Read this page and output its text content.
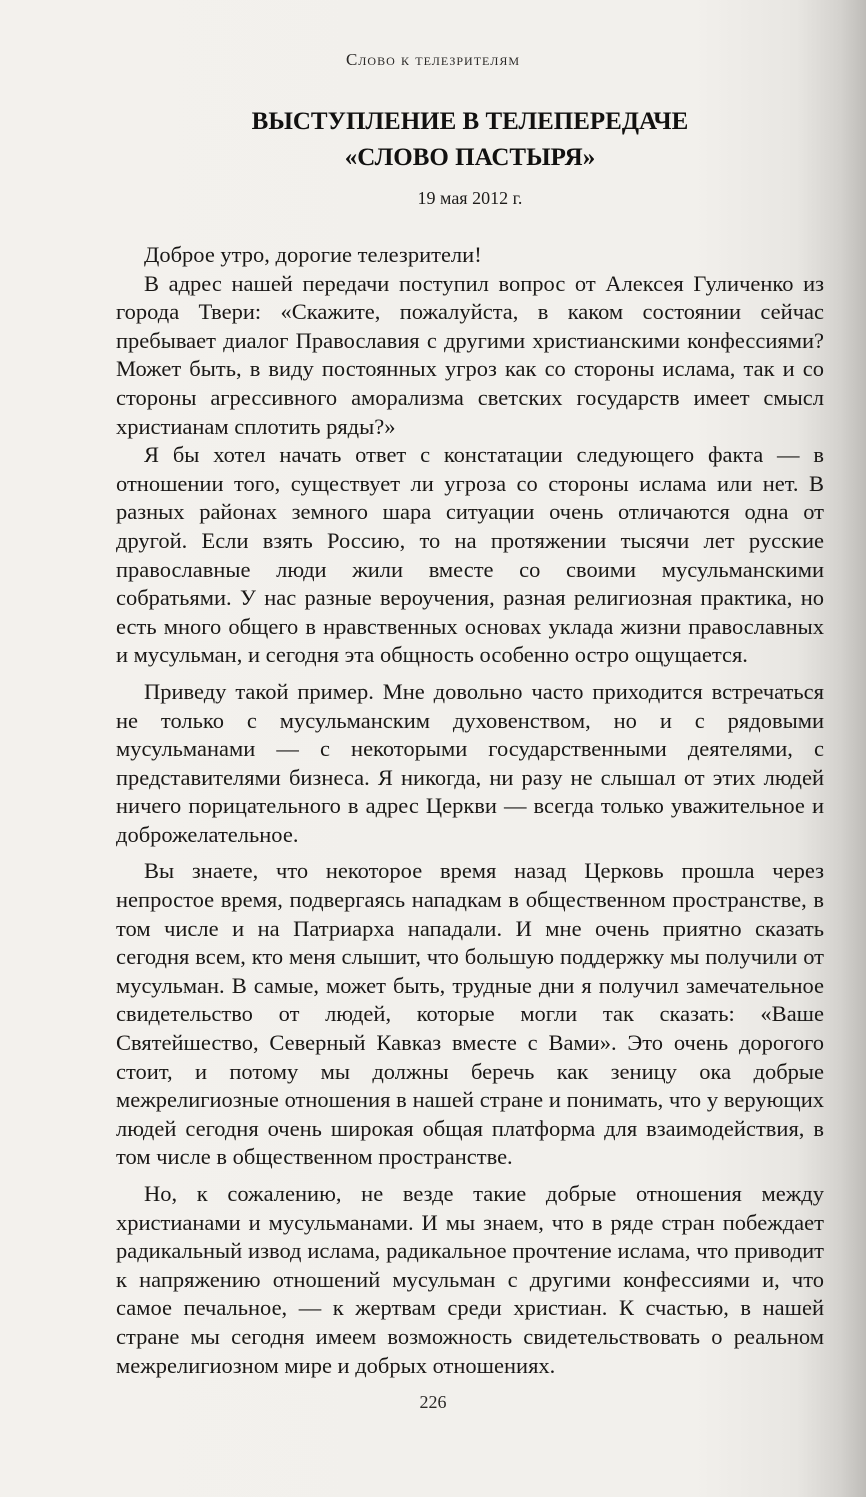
Слово к телезрителям
ВЫСТУПЛЕНИЕ В ТЕЛЕПЕРЕДАЧЕ
«СЛОВО ПАСТЫРЯ»
19 мая 2012 г.

Доброе утро, дорогие телезрители!

В адрес нашей передачи поступил вопрос от Алексея Гуличенко из города Твери: «Скажите, пожалуйста, в каком состоянии сейчас пребывает диалог Православия с другими христианскими конфессиями? Может быть, в виду постоянных угроз как со стороны ислама, так и со стороны агрессивного аморализма светских государств имеет смысл христианам сплотить ряды?»

Я бы хотел начать ответ с констатации следующего факта — в отношении того, существует ли угроза со стороны ислама или нет. В разных районах земного шара ситуации очень отличаются одна от другой. Если взять Россию, то на протяжении тысячи лет русские православные люди жили вместе со своими мусульманскими собратьями. У нас разные вероучения, разная религиозная практика, но есть много общего в нравственных основах уклада жизни православных и мусульман, и сегодня эта общность особенно остро ощущается.

Приведу такой пример. Мне довольно часто приходится встречаться не только с мусульманским духовенством, но и с рядовыми мусульманами — с некоторыми государственными деятелями, с представителями бизнеса. Я никогда, ни разу не слышал от этих людей ничего порицательного в адрес Церкви — всегда только уважительное и доброжелательное.

Вы знаете, что некоторое время назад Церковь прошла через непростое время, подвергаясь нападкам в общественном пространстве, в том числе и на Патриарха нападали. И мне очень приятно сказать сегодня всем, кто меня слышит, что большую поддержку мы получили от мусульман. В самые, может быть, трудные дни я получил замечательное свидетельство от людей, которые могли так сказать: «Ваше Святейшество, Северный Кавказ вместе с Вами». Это очень дорогого стоит, и потому мы должны беречь как зеницу ока добрые межрелигиозные отношения в нашей стране и понимать, что у верующих людей сегодня очень широкая общая платформа для взаимодействия, в том числе в общественном пространстве.

Но, к сожалению, не везде такие добрые отношения между христианами и мусульманами. И мы знаем, что в ряде стран побеждает радикальный извод ислама, радикальное прочтение ислама, что приводит к напряжению отношений мусульман с другими конфессиями и, что самое печальное, — к жертвам среди христиан. К счастью, в нашей стране мы сегодня имеем возможность свидетельствовать о реальном межрелигиозном мире и добрых отношениях.

226
